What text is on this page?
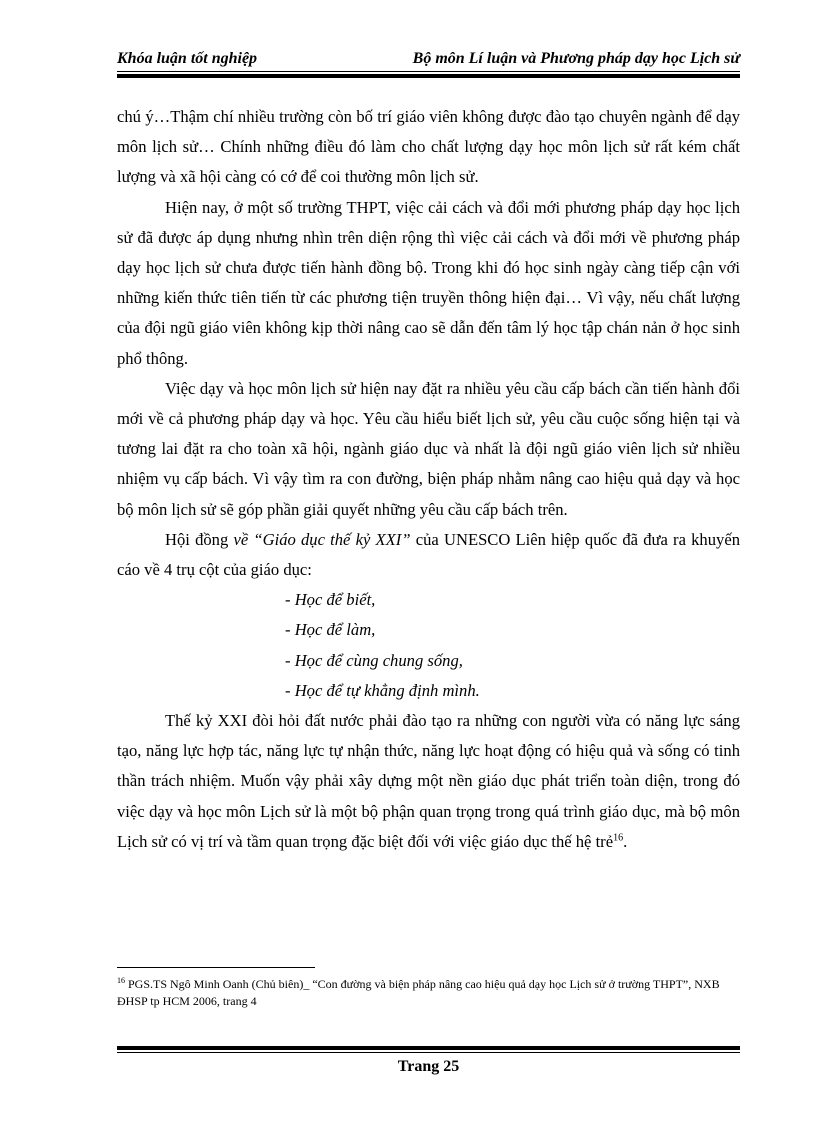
Khóa luận tốt nghiệp	Bộ môn Lí luận và Phương pháp dạy học Lịch sử

chú ý…Thậm chí nhiều trường còn bố trí giáo viên không được đào tạo chuyên ngành để dạy môn lịch sử… Chính những điều đó làm cho chất lượng dạy học môn lịch sử rất kém chất lượng và xã hội càng có cớ để coi thường môn lịch sử.

Hiện nay, ở một số trường THPT, việc cải cách và đổi mới phương pháp dạy học lịch sử đã được áp dụng nhưng nhìn trên diện rộng thì việc cải cách và đổi mới về phương pháp dạy học lịch sử chưa được tiến hành đồng bộ. Trong khi đó học sinh ngày càng tiếp cận với những kiến thức tiên tiến từ các phương tiện truyền thông hiện đại… Vì vậy, nếu chất lượng của đội ngũ giáo viên không kịp thời nâng cao sẽ dẫn đến tâm lý học tập chán nản ở học sinh phổ thông.

Việc dạy và học môn lịch sử hiện nay đặt ra nhiều yêu cầu cấp bách cần tiến hành đổi mới về cả phương pháp dạy và học. Yêu cầu hiểu biết lịch sử, yêu cầu cuộc sống hiện tại và tương lai đặt ra cho toàn xã hội, ngành giáo dục và nhất là đội ngũ giáo viên lịch sử nhiều nhiệm vụ cấp bách. Vì vậy tìm ra con đường, biện pháp nhằm nâng cao hiệu quả dạy và học bộ môn lịch sử sẽ góp phần giải quyết những yêu cầu cấp bách trên.

Hội đồng về “Giáo dục thế kỷ XXI” của UNESCO Liên hiệp quốc đã đưa ra khuyến cáo về 4 trụ cột của giáo dục:

- Học để biết,
- Học để làm,
- Học để cùng chung sống,
- Học để tự khẳng định mình.

Thế kỷ XXI đòi hỏi đất nước phải đào tạo ra những con người vừa có năng lực sáng tạo, năng lực hợp tác, năng lực tự nhận thức, năng lực hoạt động có hiệu quả và sống có tinh thần trách nhiệm. Muốn vậy phải xây dựng một nền giáo dục phát triển toàn diện, trong đó việc dạy và học môn Lịch sử là một bộ phận quan trọng trong quá trình giáo dục, mà bộ môn Lịch sử có vị trí và tầm quan trọng đặc biệt đối với việc giáo dục thế hệ trẻ$^{16}$.

$^{16}$ PGS.TS Ngô Minh Oanh (Chủ biên)_ “Con đường và biện pháp nâng cao hiệu quả dạy học Lịch sử ở trường THPT”, NXB ĐHSP tp HCM 2006, trang 4
Trang 25
